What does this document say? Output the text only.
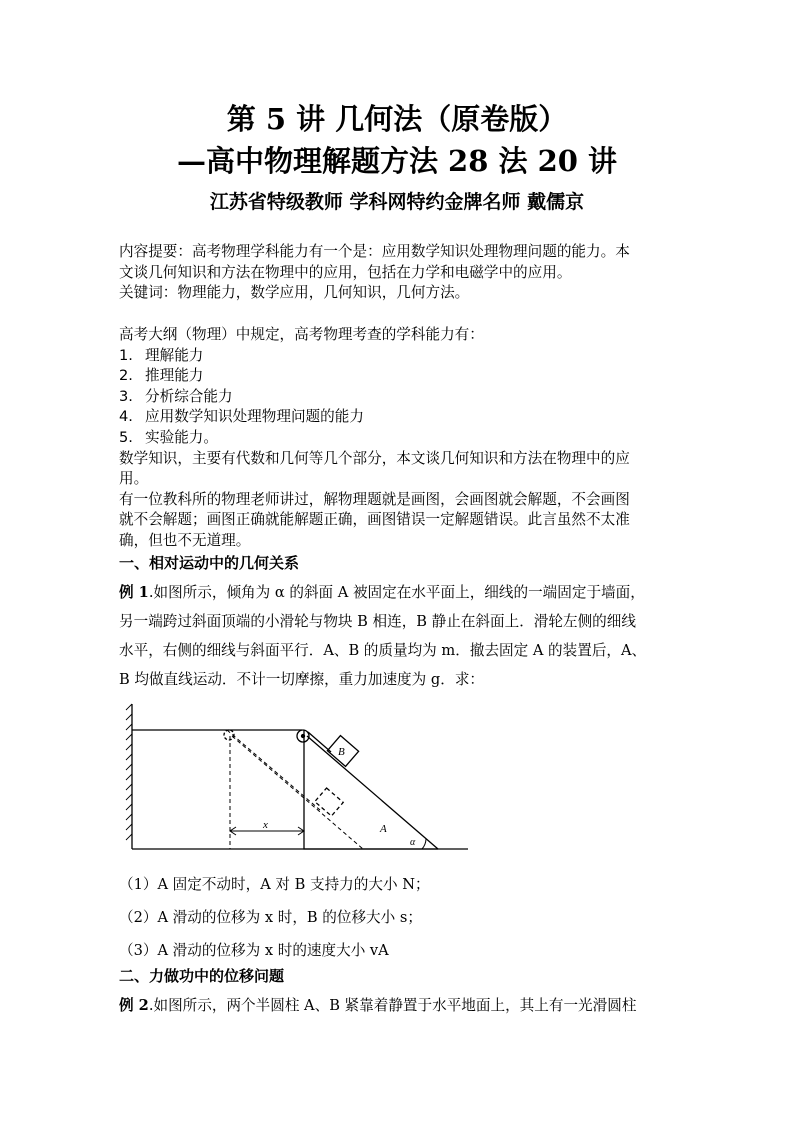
第 5 讲 几何法（原卷版）
—高中物理解题方法 28 法 20 讲
江苏省特级教师 学科网特约金牌名师 戴儒京
内容提要：高考物理学科能力有一个是：应用数学知识处理物理问题的能力。本
文谈几何知识和方法在物理中的应用，包括在力学和电磁学中的应用。
关键词：物理能力，数学应用，几何知识，几何方法。
高考大纲（物理）中规定，高考物理考查的学科能力有：
1. 理解能力
2. 推理能力
3. 分析综合能力
4. 应用数学知识处理物理问题的能力
5. 实验能力。
数学知识，主要有代数和几何等几个部分，本文谈几何知识和方法在物理中的应
用。
有一位教科所的物理老师讲过，解物理题就是画图，会画图就会解题，不会画图
就不会解题；画图正确就能解题正确，画图错误一定解题错误。此言虽然不太准
确，但也不无道理。
一、相对运动中的几何关系
例 1.如图所示，倾角为 α 的斜面 A 被固定在水平面上，细线的一端固定于墙面，
另一端跨过斜面顶端的小滑轮与物块 B 相连，B 静止在斜面上．滑轮左侧的细线
水平，右侧的细线与斜面平行．A、B 的质量均为 m．撤去固定 A 的装置后，A、
B 均做直线运动．不计一切摩擦，重力加速度为 g．求：
B
A
x
α
（1）A 固定不动时，A 对 B 支持力的大小 N；
（2）A 滑动的位移为 x 时，B 的位移大小 s；
（3）A 滑动的位移为 x 时的速度大小 vA
二、力做功中的位移问题
例 2.如图所示，两个半圆柱 A、B 紧靠着静置于水平地面上，其上有一光滑圆柱
